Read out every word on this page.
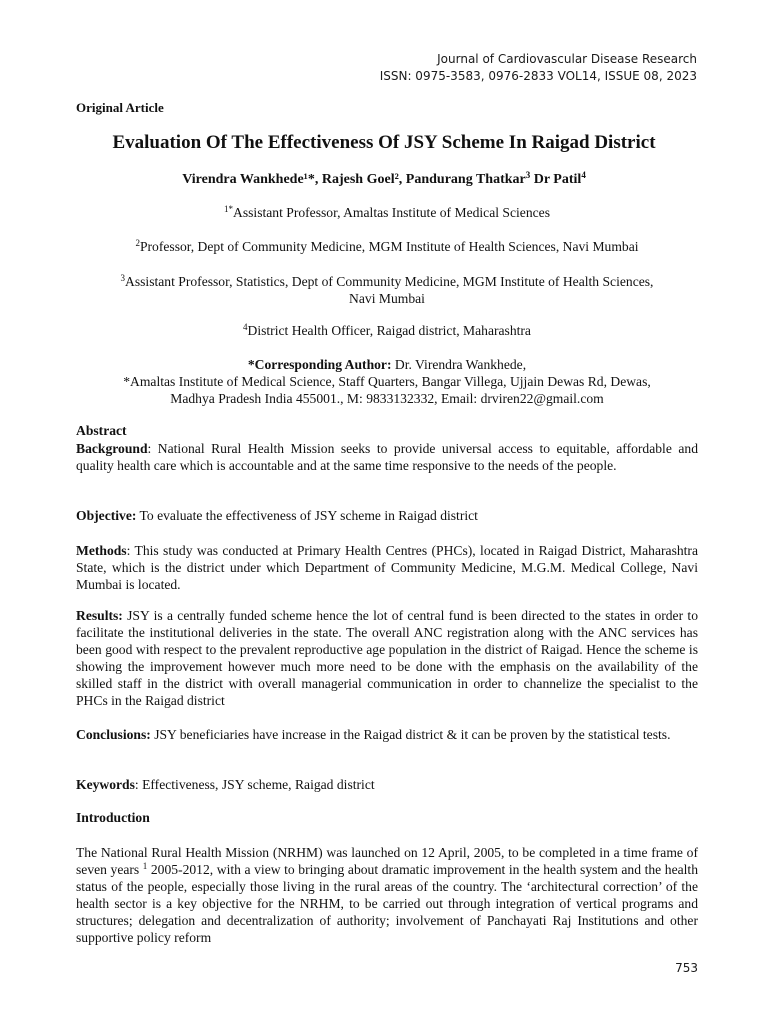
Journal of Cardiovascular Disease Research
ISSN: 0975-3583, 0976-2833 VOL14, ISSUE 08, 2023
Original Article
Evaluation Of The Effectiveness Of JSY Scheme In Raigad District
Virendra Wankhede¹*, Rajesh Goel², Pandurang Thatkar$^3$ Dr Patil$^4$
$^{1*}$Assistant Professor, Amaltas Institute of Medical Sciences
$^2$Professor, Dept of Community Medicine, MGM Institute of Health Sciences, Navi Mumbai
$^3$Assistant Professor, Statistics, Dept of Community Medicine, MGM Institute of Health Sciences,
Navi Mumbai
$^4$District Health Officer, Raigad district, Maharashtra
*Corresponding Author: Dr. Virendra Wankhede,
*Amaltas Institute of Medical Science, Staff Quarters, Bangar Villega, Ujjain Dewas Rd, Dewas,
Madhya Pradesh India 455001., M: 9833132332, Email: drviren22@gmail.com
Abstract
Background: National Rural Health Mission seeks to provide universal access to equitable, affordable and quality health care which is accountable and at the same time responsive to the needs of the people.
Objective: To evaluate the effectiveness of JSY scheme in Raigad district
Methods: This study was conducted at Primary Health Centres (PHCs), located in Raigad District, Maharashtra State, which is the district under which Department of Community Medicine, M.G.M. Medical College, Navi Mumbai is located.
Results: JSY is a centrally funded scheme hence the lot of central fund is been directed to the states in order to facilitate the institutional deliveries in the state. The overall ANC registration along with the ANC services has been good with respect to the prevalent reproductive age population in the district of Raigad. Hence the scheme is showing the improvement however much more need to be done with the emphasis on the availability of the skilled staff in the district with overall managerial communication in order to channelize the specialist to the PHCs in the Raigad district
Conclusions: JSY beneficiaries have increase in the Raigad district & it can be proven by the statistical tests.
Keywords: Effectiveness, JSY scheme, Raigad district
Introduction
The National Rural Health Mission (NRHM) was launched on 12 April, 2005, to be completed in a time frame of seven years $^1$ 2005-2012, with a view to bringing about dramatic improvement in the health system and the health status of the people, especially those living in the rural areas of the country. The ‘architectural correction’ of the health sector is a key objective for the NRHM, to be carried out through integration of vertical programs and structures; delegation and decentralization of authority; involvement of Panchayati Raj Institutions and other supportive policy reform
753
